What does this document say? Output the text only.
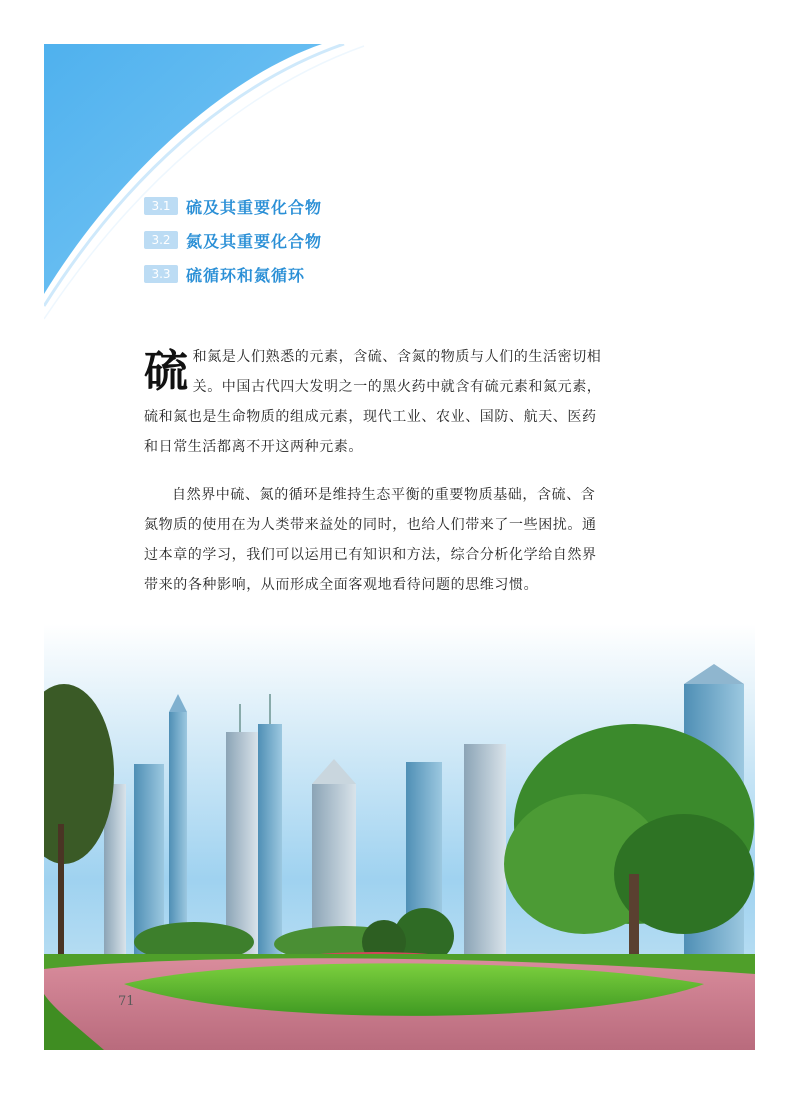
3.1 硫及其重要化合物
3.2 氮及其重要化合物
3.3 硫循环和氮循环
硫和氮是人们熟悉的元素，含硫、含氮的物质与人们的生活密切相关。中国古代四大发明之一的黑火药中就含有硫元素和氮元素，硫和氮也是生命物质的组成元素，现代工业、农业、国防、航天、医药和日常生活都离不开这两种元素。
自然界中硫、氮的循环是维持生态平衡的重要物质基础，含硫、含氮物质的使用在为人类带来益处的同时，也给人们带来了一些困扰。通过本章的学习，我们可以运用已有知识和方法，综合分析化学给自然界带来的各种影响，从而形成全面客观地看待问题的思维习惯。
71
